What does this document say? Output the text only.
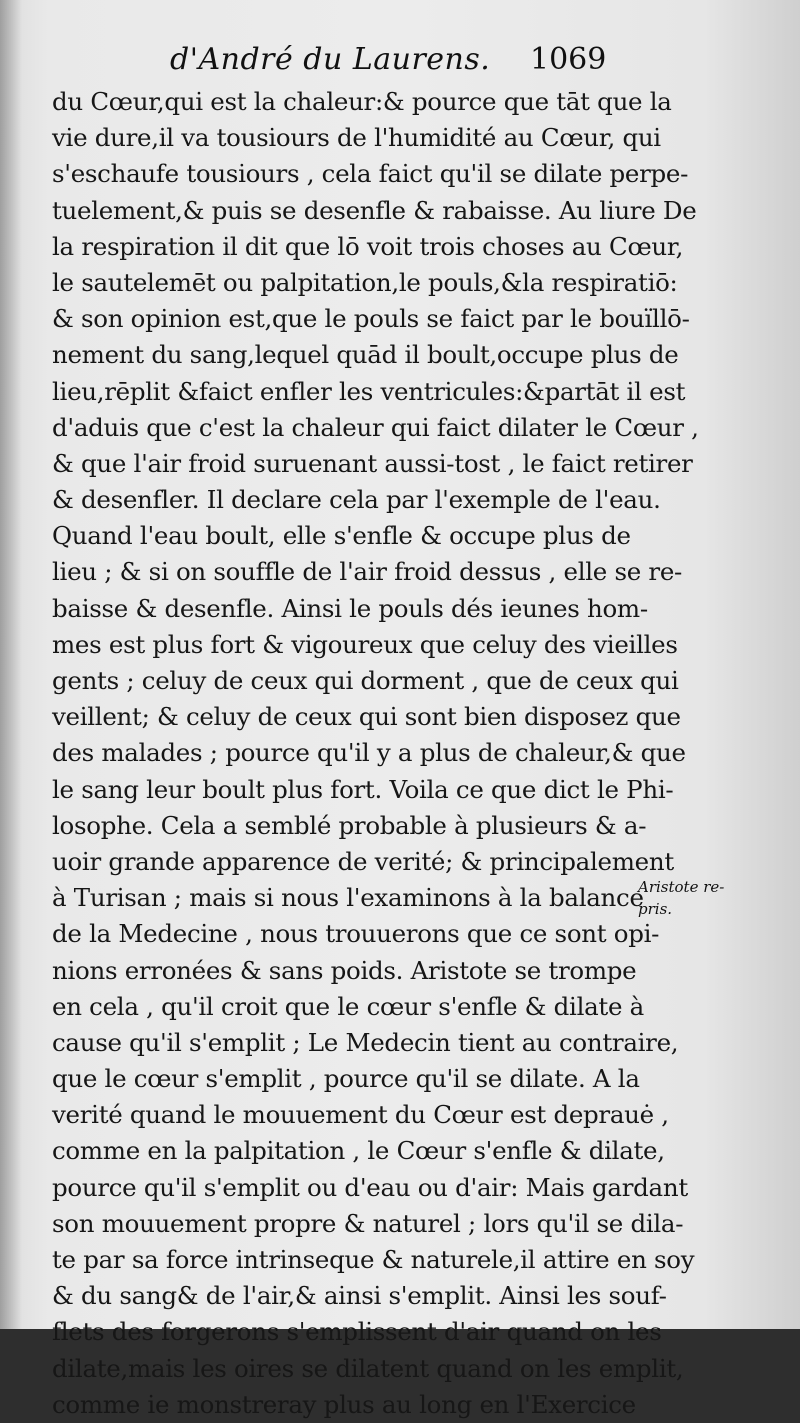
d'André du Laurens. 1069
du Cœur,qui est la chaleur:& pource que tāt que la
vie dure,il va tousiours de l'humidité au Cœur, qui
s'eschaufe tousiours , cela faict qu'il se dilate perpe-
tuelement,& puis se desenfle & rabaisse. Au liure De
la respiration il dit que lō voit trois choses au Cœur,
le sautelemēt ou palpitation,le pouls,&la respiratiō:
& son opinion est,que le pouls se faict par le bouïllō-
nement du sang,lequel quād il boult,occupe plus de
lieu,rēplit &faict enfler les ventricules:&partāt il est
d'aduis que c'est la chaleur qui faict dilater le Cœur ,
& que l'air froid suruenant aussi-tost , le faict retirer
& desenfler. Il declare cela par l'exemple de l'eau.
Quand l'eau boult, elle s'enfle & occupe plus de
lieu ; & si on souffle de l'air froid dessus , elle se re-
baisse & desenfle. Ainsi le pouls dés ieunes hom-
mes est plus fort & vigoureux que celuy des vieilles
gents ; celuy de ceux qui dorment , que de ceux qui
veillent; & celuy de ceux qui sont bien disposez que
des malades ; pource qu'il y a plus de chaleur,& que
le sang leur boult plus fort. Voila ce que dict le Phi-
losophe. Cela a semblé probable à plusieurs & a-
uoir grande apparence de verité; & principalement
à Turisan ; mais si nous l'examinons à la balance
de la Medecine , nous trouuerons que ce sont opi-
nions erronées & sans poids. Aristote se trompe
en cela , qu'il croit que le cœur s'enfle & dilate à
cause qu'il s'emplit ; Le Medecin tient au contraire,
que le cœur s'emplit , pource qu'il se dilate. A la
verité quand le mouuement du Cœur est deprauė ,
comme en la palpitation , le Cœur s'enfle & dilate,
pource qu'il s'emplit ou d'eau ou d'air: Mais gardant
son mouuement propre & naturel ; lors qu'il se dila-
te par sa force intrinseque & naturele,il attire en soy
& du sang& de l'air,& ainsi s'emplit. Ainsi les souf-
flets des forgerons s'emplissent d'air quand on les
dilate,mais les oires se dilatent quand on les emplit,
comme ie monstreray plus au long en l'Exercice
Aristote re-
pris.
